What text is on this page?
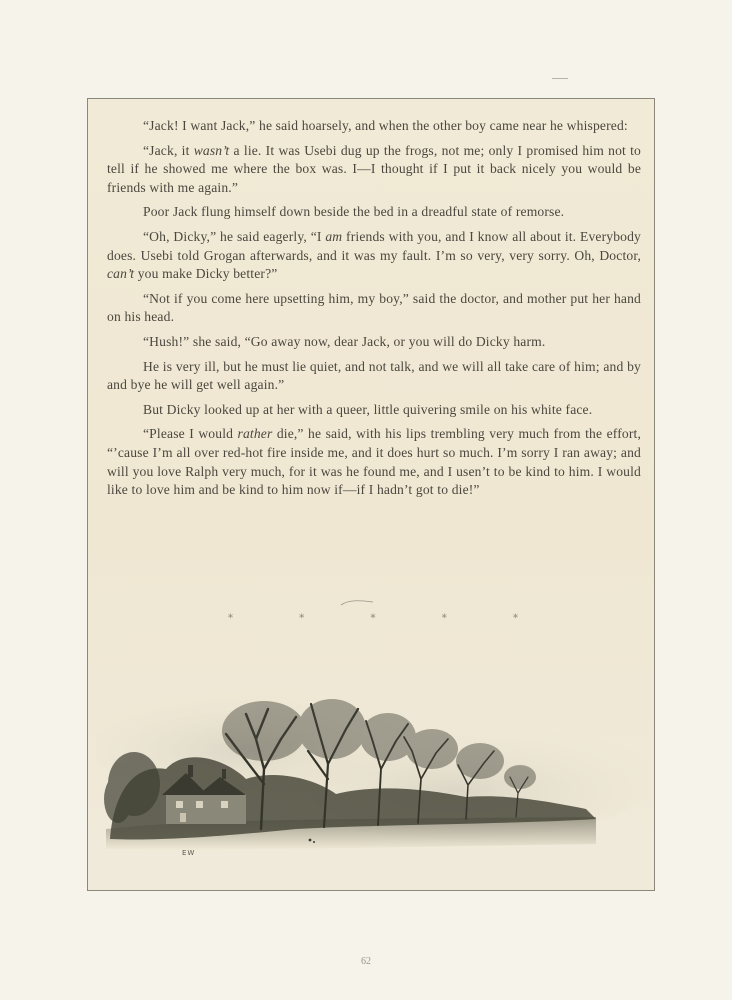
“Jack! I want Jack,” he said hoarsely, and when the other boy came near he whispered:

“Jack, it wasn’t a lie. It was Usebi dug up the frogs, not me; only I promised him not to tell if he showed me where the box was. I—I thought if I put it back nicely you would be friends with me again.”

Poor Jack flung himself down beside the bed in a dreadful state of remorse.

“Oh, Dicky,” he said eagerly, “I am friends with you, and I know all about it. Everybody does. Usebi told Grogan afterwards, and it was my fault. I’m so very, very sorry. Oh, Doctor, can’t you make Dicky better?”

“Not if you come here upsetting him, my boy,” said the doctor, and mother put her hand on his head.

“Hush!” she said, “Go away now, dear Jack, or you will do Dicky harm.

He is very ill, but he must lie quiet, and not talk, and we will all take care of him; and by and bye he will get well again.”

But Dicky looked up at her with a queer, little quivering smile on his white face.

“Please I would rather die,” he said, with his lips trembling very much from the effort, “’cause I’m all over red-hot fire inside me, and it does hurt so much. I’m sorry I ran away; and will you love Ralph very much, for it was he found me, and I usen’t to be kind to him. I would like to love him and be kind to him now if—if I hadn’t got to die!”

*	*	*	*	*
EW
62
